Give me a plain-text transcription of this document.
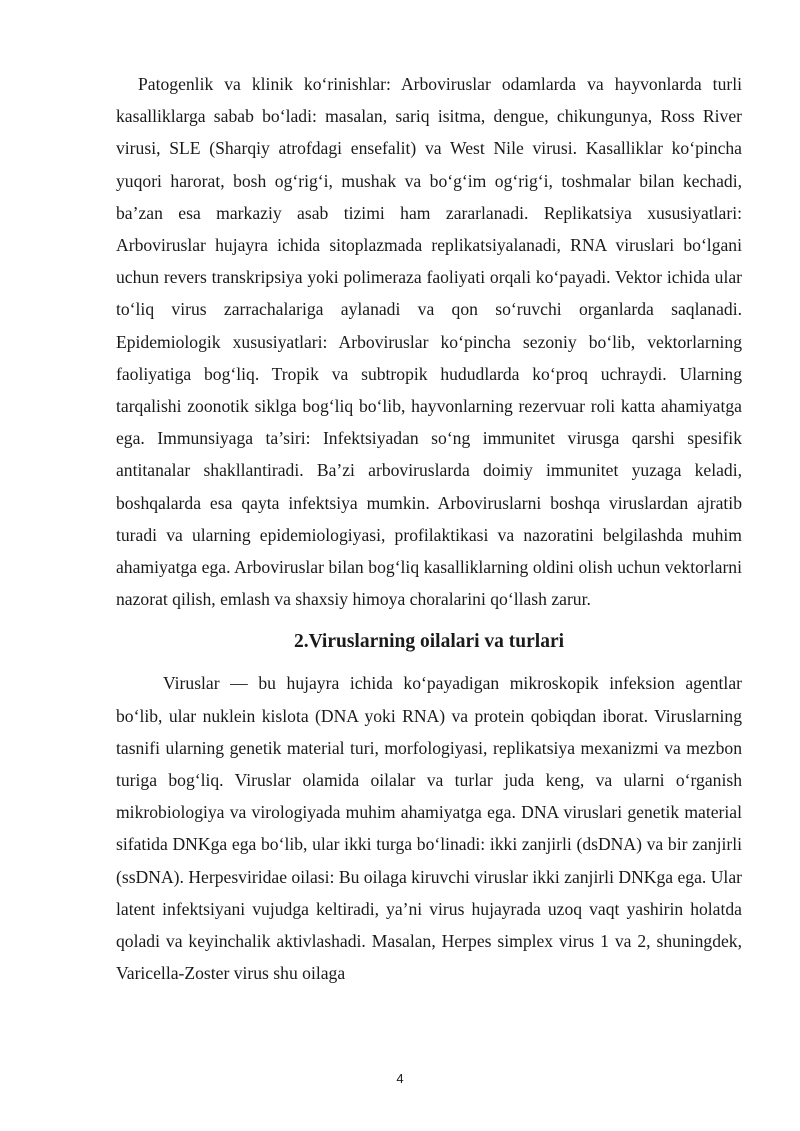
Patogenlik va klinik ko‘rinishlar: Arboviruslar odamlarda va hayvonlarda turli kasalliklarga sabab bo‘ladi: masalan, sariq isitma, dengue, chikungunya, Ross River virusi, SLE (Sharqiy atrofdagi ensefalit) va West Nile virusi. Kasalliklar ko‘pincha yuqori harorat, bosh og‘rig‘i, mushak va bo‘g‘im og‘rig‘i, toshmalar bilan kechadi, ba’zan esa markaziy asab tizimi ham zararlanadi. Replikatsiya xususiyatlari: Arboviruslar hujayra ichida sitoplazmada replikatsiyalanadi, RNA viruslari bo‘lgani uchun revers transkripsiya yoki polimeraza faoliyati orqali ko‘payadi. Vektor ichida ular to‘liq virus zarrachalariga aylanadi va qon so‘ruvchi organlarda saqlanadi. Epidemiologik xususiyatlari: Arboviruslar ko‘pincha sezoniy bo‘lib, vektorlarning faoliyatiga bog‘liq. Tropik va subtropik hududlarda ko‘proq uchraydi. Ularning tarqalishi zoonotik siklga bog‘liq bo‘lib, hayvonlarning rezervuar roli katta ahamiyatga ega. Immunsiyaga ta’siri: Infektsiyadan so‘ng immunitet virusga qarshi spesifik antitanalar shakllantiradi. Ba’zi arboviruslarda doimiy immunitet yuzaga keladi, boshqalarda esa qayta infektsiya mumkin. Arboviruslarni boshqa viruslardan ajratib turadi va ularning epidemiologiyasi, profilaktikasi va nazoratini belgilashda muhim ahamiyatga ega. Arboviruslar bilan bog‘liq kasalliklarning oldini olish uchun vektorlarni nazorat qilish, emlash va shaxsiy himoya choralarini qo‘llash zarur.

2.Viruslarning oilalari va turlari

Viruslar — bu hujayra ichida ko‘payadigan mikroskopik infeksion agentlar bo‘lib, ular nuklein kislota (DNA yoki RNA) va protein qobiqdan iborat. Viruslarning tasnifi ularning genetik material turi, morfologiyasi, replikatsiya mexanizmi va mezbon turiga bog‘liq. Viruslar olamida oilalar va turlar juda keng, va ularni o‘rganish mikrobiologiya va virologiyada muhim ahamiyatga ega. DNA viruslari genetik material sifatida DNKga ega bo‘lib, ular ikki turga bo‘linadi: ikki zanjirli (dsDNA) va bir zanjirli (ssDNA). Herpesviridae oilasi: Bu oilaga kiruvchi viruslar ikki zanjirli DNKga ega. Ular latent infektsiyani vujudga keltiradi, ya’ni virus hujayrada uzoq vaqt yashirin holatda qoladi va keyinchalik aktivlashadi. Masalan, Herpes simplex virus 1 va 2, shuningdek, Varicella-Zoster virus shu oilaga

4
